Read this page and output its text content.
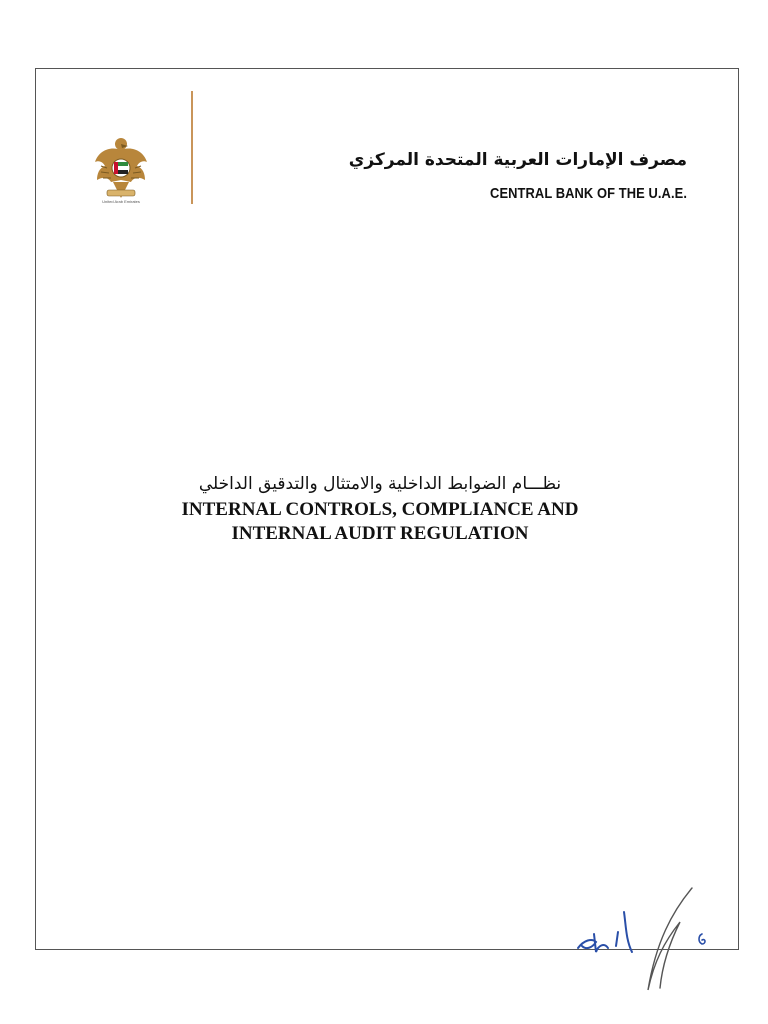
United Arab Emirates
مصرف الإمارات العربية المتحدة المركزي
CENTRAL BANK OF THE U.A.E.
نظـــام الضوابط الداخلية والامتثال والتدقيق الداخلي
INTERNAL CONTROLS, COMPLIANCE AND
INTERNAL AUDIT REGULATION
